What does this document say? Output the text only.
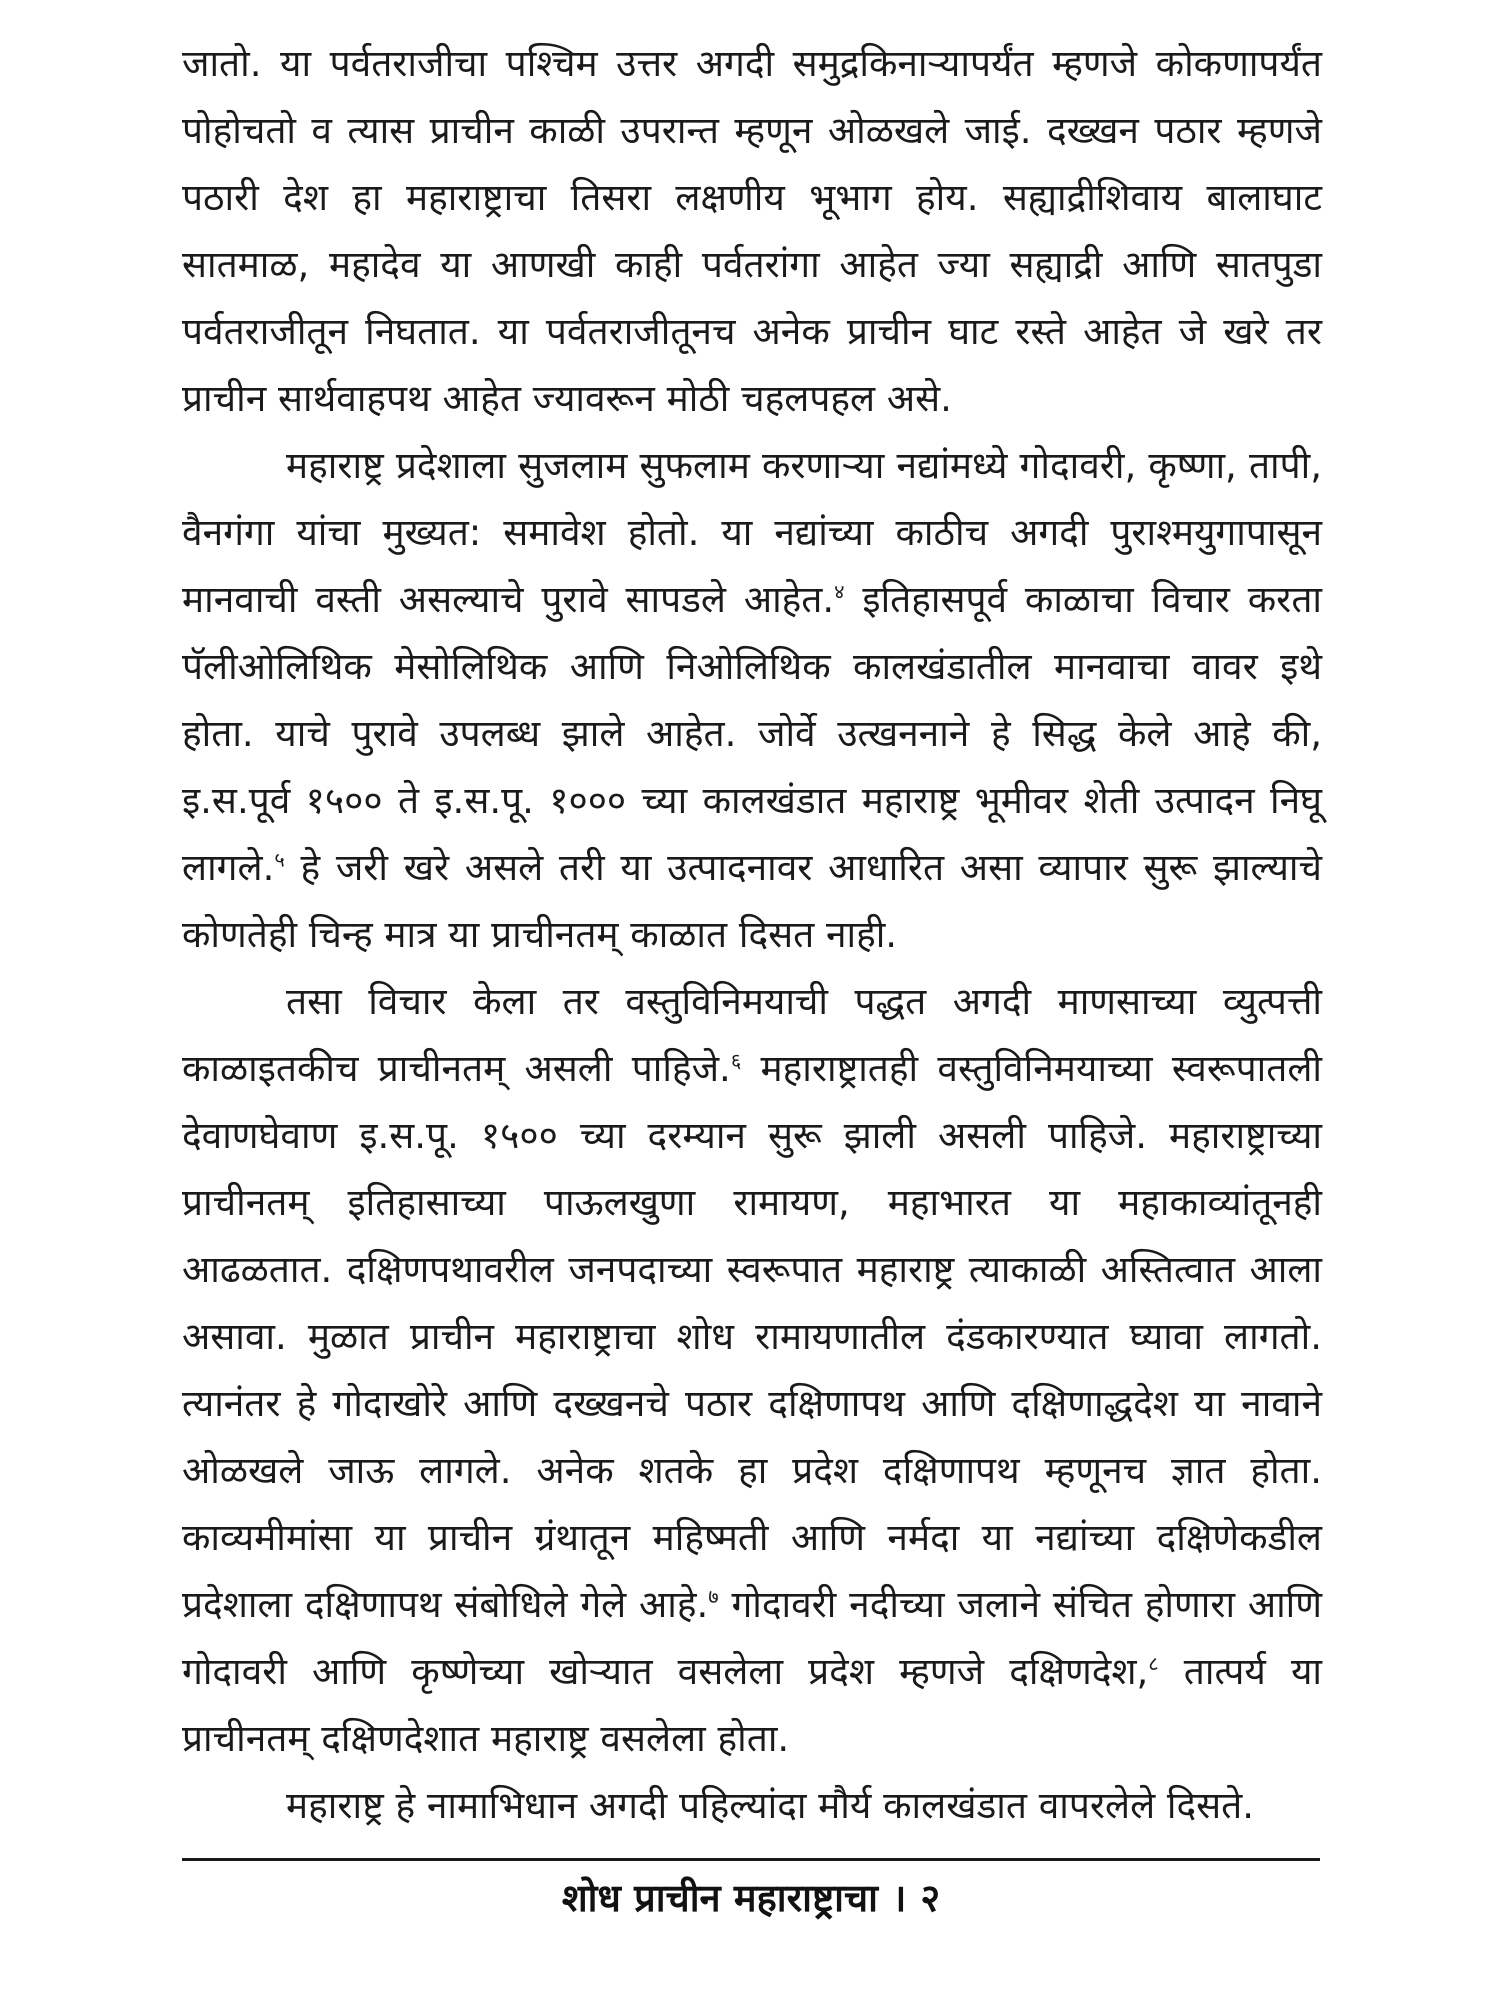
जातो. या पर्वतराजीचा पश्चिम उत्तर अगदी समुद्रकिनाऱ्यापर्यंत म्हणजे कोकणापर्यंत पोहोचतो व त्यास प्राचीन काळी उपरान्त म्हणून ओळखले जाई. दख्खन पठार म्हणजे पठारी देश हा महाराष्ट्राचा तिसरा लक्षणीय भूभाग होय. सह्याद्रीशिवाय बालाघाट सातमाळ, महादेव या आणखी काही पर्वतरांगा आहेत ज्या सह्याद्री आणि सातपुडा पर्वतराजीतून निघतात. या पर्वतराजीतूनच अनेक प्राचीन घाट रस्ते आहेत जे खरे तर प्राचीन सार्थवाहपथ आहेत ज्यावरून मोठी चहलपहल असे.

महाराष्ट्र प्रदेशाला सुजलाम सुफलाम करणाऱ्या नद्यांमध्ये गोदावरी, कृष्णा, तापी, वैनगंगा यांचा मुख्यत: समावेश होतो. या नद्यांच्या काठीच अगदी पुराश्मयुगापासून मानवाची वस्ती असल्याचे पुरावे सापडले आहेत.$^४$ इतिहासपूर्व काळाचा विचार करता पॅलीओलिथिक मेसोलिथिक आणि निओलिथिक कालखंडातील मानवाचा वावर इथे होता. याचे पुरावे उपलब्ध झाले आहेत. जोर्वे उत्खननाने हे सिद्ध केले आहे की, इ.स.पूर्व १५०० ते इ.स.पू. १००० च्या कालखंडात महाराष्ट्र भूमीवर शेती उत्पादन निघू लागले.$^५$ हे जरी खरे असले तरी या उत्पादनावर आधारित असा व्यापार सुरू झाल्याचे कोणतेही चिन्ह मात्र या प्राचीनतम् काळात दिसत नाही.

तसा विचार केला तर वस्तुविनिमयाची पद्धत अगदी माणसाच्या व्युत्पत्ती काळाइतकीच प्राचीनतम् असली पाहिजे.$^६$ महाराष्ट्रातही वस्तुविनिमयाच्या स्वरूपातली देवाणघेवाण इ.स.पू. १५०० च्या दरम्यान सुरू झाली असली पाहिजे. महाराष्ट्राच्या प्राचीनतम् इतिहासाच्या पाऊलखुणा रामायण, महाभारत या महाकाव्यांतूनही आढळतात. दक्षिणपथावरील जनपदाच्या स्वरूपात महाराष्ट्र त्याकाळी अस्तित्वात आला असावा. मुळात प्राचीन महाराष्ट्राचा शोध रामायणातील दंडकारण्यात घ्यावा लागतो. त्यानंतर हे गोदाखोरे आणि दख्खनचे पठार दक्षिणापथ आणि दक्षिणाद्धदेश या नावाने ओळखले जाऊ लागले. अनेक शतके हा प्रदेश दक्षिणापथ म्हणूनच ज्ञात होता. काव्यमीमांसा या प्राचीन ग्रंथातून महिष्मती आणि नर्मदा या नद्यांच्या दक्षिणेकडील प्रदेशाला दक्षिणापथ संबोधिले गेले आहे.$^७$ गोदावरी नदीच्या जलाने संचित होणारा आणि गोदावरी आणि कृष्णेच्या खोऱ्यात वसलेला प्रदेश म्हणजे दक्षिणदेश,$^८$ तात्पर्य या प्राचीनतम् दक्षिणदेशात महाराष्ट्र वसलेला होता.

महाराष्ट्र हे नामाभिधान अगदी पहिल्यांदा मौर्य कालखंडात वापरलेले दिसते.

शोध प्राचीन महाराष्ट्राचा । २
